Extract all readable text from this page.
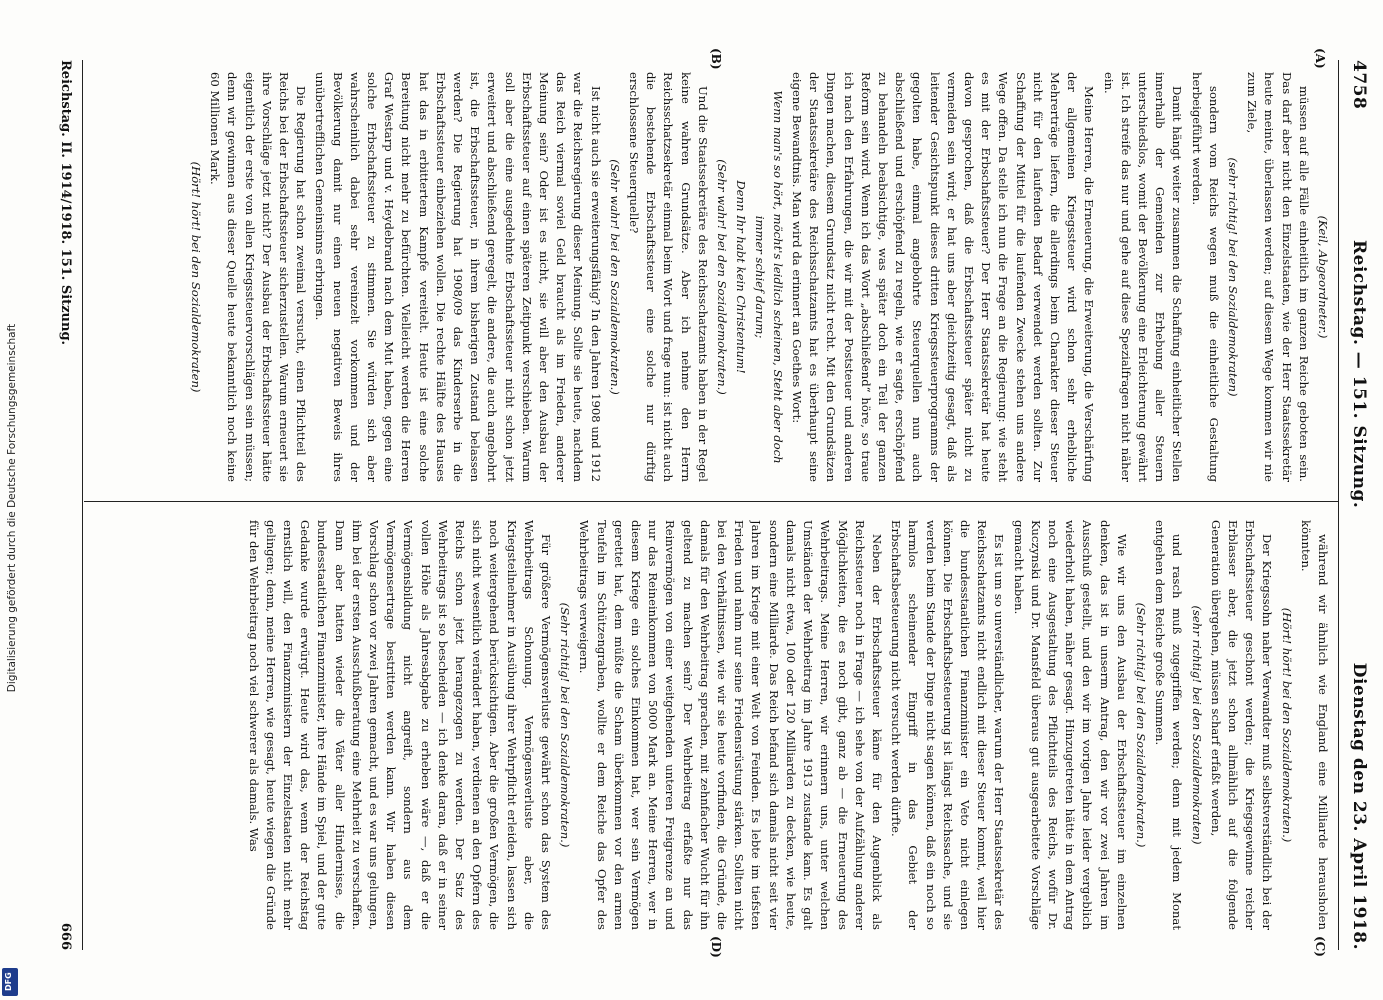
4758
Reichstag. — 151. Sitzung.
Dienstag den 23. April 1918.
(A)
(B)
(C)
(D)

(Keil, Abgeordneter.)

müssen auf alle Fälle einheitlich im ganzen Reiche geboten sein. Das darf aber nicht den Einzelstaaten, wie der Herr Staatssekretär heute meinte, überlassen werden; auf diesem Wege kommen wir nie zum Ziele,

(sehr richtig! bei den Sozialdemokraten)

sondern vom Reichs wegen muß die einheitliche Gestaltung herbeigeführt werden.

Damit hängt weiter zusammen die Schaffung einheitlicher Stellen innerhalb der Gemeinden zur Erhebung aller Steuern unterschiedslos, womit der Bevölkerung eine Erleichterung gewährt ist. Ich streife das nur und gehe auf diese Spezialfragen nicht näher ein.

Meine Herren, die Erneuerung, die Erweiterung, die Verschärfung der allgemeinen Kriegssteuer wird schon sehr erhebliche Mehrerträge liefern, die allerdings beim Charakter dieser Steuer nicht für den laufenden Bedarf verwendet werden sollten. Zur Schaffung der Mittel für die laufenden Zwecke stehen uns andere Wege offen. Da stelle ich nun die Frage an die Regierung: wie steht es mit der Erbschaftssteuer? Der Herr Staatssekretär hat heute davon gesprochen, daß die Erbschaftssteuer später nicht zu vermeiden sein wird; er hat uns aber gleichzeitig gesagt, daß als leitender Gesichtspunkt dieses dritten Kriegssteuerprogramms der gegolten habe, einmal angebohrte Steuerquellen nun auch abschließend und erschöpfend zu regeln, wie er sagte, erschöpfend zu behandeln beabsichtige, was später doch ein Teil der ganzen Reform sein wird. Wenn ich das Wort „abschließend“ höre, so traue ich nach den Erfahrungen, die wir mit der Poststeuer und anderen Dingen machen, diesem Grundsatz nicht recht. Mit den Grundsätzen der Staatssekretäre des Reichsschatzamts hat es überhaupt seine eigene Bewandtnis. Man wird da erinnert an Goethes Wort:

Wenn man's so hört, möcht's leidlich scheinen, Steht aber doch immer schief darum;

Denn Ihr habt kein Christentum!

(Sehr wahr! bei den Sozialdemokraten.)

Und die Staatssekretäre des Reichsschatzamts haben in der Regel keine wahren Grundsätze. Aber ich nehme den Herrn Reichsschatzsekretär einmal beim Wort und frage nun: ist nicht auch die bestehende Erbschaftssteuer eine solche nur dürftig erschlossene Steuerquelle?

(Sehr wahr! bei den Sozialdemokraten.)

Ist nicht auch sie erweiterungsfähig? In den Jahren 1908 und 1912 war die Reichsregierung dieser Meinung. Sollte sie heute, nachdem das Reich viermal soviel Geld braucht als im Frieden, anderer Meinung sein? Oder ist es nicht, sie will aber den Ausbau der Erbschaftssteuer auf einen späteren Zeitpunkt verschieben. Warum soll aber die eine ausgedehnte Erbschaftssteuer nicht schon jetzt erweitert und abschließend geregelt, die andere, die auch angebohrt ist, die Erbschaftssteuer, in ihrem bisherigen Zustand belassen werden? Die Regierung hat 1908/09 das Kinderserbe in die Erbschaftssteuer einbeziehen wollen. Die rechte Hälfte des Hauses hat das in erbittertem Kampfe vereitelt. Heute ist eine solche Bereitung nicht mehr zu befürchten. Vielleicht werden die Herren Graf Westarp und v. Heydebrand nach dem Mut haben, gegen eine solche Erbschaftssteuer zu stimmen. Sie würden sich aber wahrscheinlich dabei sehr vereinzelt vorkommen und der Bevölkerung damit nur einen neuen negativen Beweis ihres unübertrefflichen Gemeinsinns erbringen.

Die Regierung hat schon zweimal versucht, einen Pflichtteil des Reichs bei der Erbschaftssteuer sicherzustellen. Warum erneuert sie ihre Vorschläge jetzt nicht? Der Ausbau der Erbschaftssteuer hätte eigentlich der erste von allen Kriegssteuervorschlägen sein müssen; denn wir gewinnen aus dieser Quelle heute bekanntlich noch keine 60 Millionen Mark.

(Hört! hört! bei den Sozialdemokraten)

während wir ähnlich wie England eine Milliarde herausholen könnten.

(Hört! hört! bei den Sozialdemokraten.)

Der Kriegssohn naher Verwandter muß selbstverständlich bei der Erbschaftssteuer geschont werden; die Kriegsgewinne reicher Erblasser aber, die jetzt schon allmählich auf die folgende Generation übergehen, müssen scharf erfaßt werden,

(sehr richtig! bei den Sozialdemokraten)

und rasch muß zugegriffen werden; denn mit jedem Monat entgehen dem Reiche große Summen.

(Sehr richtig! bei den Sozialdemokraten.)

Wie wir uns den Ausbau der Erbschaftssteuer im einzelnen denken, das ist in unserm Antrag, den wir vor zwei Jahren im Ausschuß gestellt, und den wir im vorigen Jahre leider vergeblich wiederholt haben, näher gesagt. Hinzugetreten hätte in dem Antrag noch eine Ausgestaltung des Pflichtteils des Reichs, wofür Dr. Kuczynski und Dr. Mansfeld überaus gut ausgearbeitete Vorschläge gemacht haben.

Es ist um so unverständlicher, warum der Herr Staatssekretär des Reichsschatzamts nicht endlich mit dieser Steuer kommt, weil hier die bundesstaatlichen Finanzminister ein Veto nicht einlegen können. Die Erbschaftsbesteuerung ist längst Reichssache, und sie werden beim Stande der Dinge nicht sagen können, daß ein noch so harmlos scheinender Eingriff in das Gebiet der Erbschaftsbesteuerung nicht versucht werden dürfte.

Neben der Erbschaftssteuer käme für den Augenblick als Reichssteuer noch in Frage — ich sehe von der Aufzählung anderer Möglichkeiten, die es noch gibt, ganz ab — die Erneuerung des Wehrbeitrags. Meine Herren, wir erinnern uns, unter welchen Umständen der Wehrbeitrag im Jahre 1913 zustande kam. Es galt damals nicht etwa, 100 oder 120 Milliarden zu decken, wie heute, sondern eine Milliarde. Das Reich befand sich damals nicht seit vier Jahren im Kriege mit einer Welt von Feinden. Es lebte im tiefsten Frieden und nahm nur seine Friedensrüstung stärken. Sollten nicht bei den Verhältnissen, wie wir sie heute vorfinden, die Gründe, die damals für den Wehrbeitrag sprachen, mit zehnfacher Wucht für ihn geltend zu machen sein? Der Wehrbeitrag erfaßte nur das Reinvermögen von einer weitgehenden unteren Freigrenze an und nur das Reineinkommen von 5000 Mark an. Meine Herren, wer in diesem Kriege ein solches Einkommen hat, wer sein Vermögen gerettet hat, dem müßte die Scham überkommen vor den armen Teufeln im Schützengraben, wollte er dem Reiche das Opfer des Wehrbeitrags verweigern.

(Sehr richtig! bei den Sozialdemokraten.)

Für größere Vermögensverluste gewährt schon das System des Wehrbeitrags Schonung. Vermögensverluste aber, die Kriegsteilnehmer in Ausübung ihrer Wehrpflicht erleiden, lassen sich noch weitergehend berücksichtigen. Aber die großen Vermögen, die sich nicht wesentlich verändert haben, verdienen an den Opfern des Reichs schon jetzt herangezogen zu werden. Der Satz des Wehrbeitrags ist so bescheiden — ich denke daran, daß er in seiner vollen Höhe als Jahresabgabe zu erheben wäre —, daß er die Vermögensbildung nicht angreift, sondern aus dem Vermögensertrage bestritten werden kann. Wir haben diesen Vorschlag schon vor zwei Jahren gemacht, und es war uns gelungen, ihm bei der ersten Ausschußberatung eine Mehrheit zu verschaffen. Dann aber hatten wieder die Väter aller Hindernisse, die bundesstaatlichen Finanzminister, ihre Hände im Spiel, und der gute Gedanke wurde erwürgt. Heute wird das, wenn der Reichstag ernstlich will, den Finanzministern der Einzelstaaten nicht mehr gelingen; denn, meine Herren, wie gesagt, heute wiegen die Gründe für den Wehrbeitrag noch viel schwerer als damals. Was

Reichstag. II. 1914/1918. 151. Sitzung.
666
Digitalisierung gefördert durch die Deutsche Forschungsgemeinschaft
DFG
